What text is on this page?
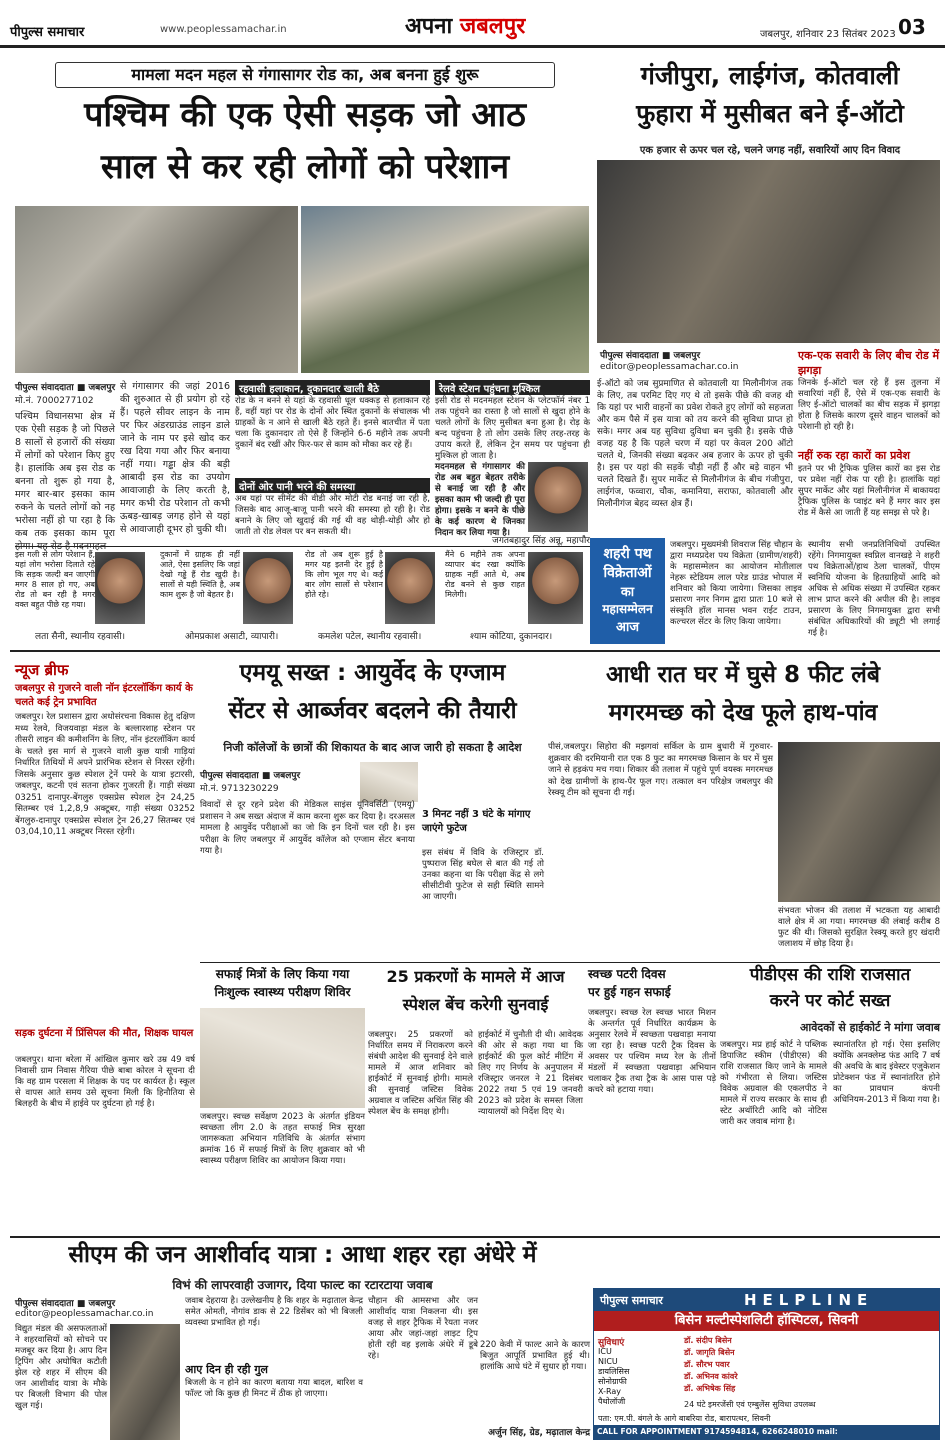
पीपुल्स समाचार	www.peoplessamachar.in	अपना जबलपुर	जबलपुर, शनिवार 23 सितंबर 2023 03
मामला मदन महल से गंगासागर रोड का, अब बनना हुई शुरू
पश्चिम की एक ऐसी सड़क जो आठ
साल से कर रही लोगों को परेशान
पीपुल्स संवाददाता ■ जबलपुर
मो.नं. 7000277102
पश्चिम विधानसभा क्षेत्र में एक ऐसी सड़क है जो पिछले 8 सालों से हजारों की संख्या में लोगों को परेशान किए हुए है। हालांकि अब इस रोड क बनना तो शुरू हो गया है, मगर बार-बार इसका काम रुकने के चलते लोगों को नह भरोसा नहीं हो पा रहा है कि कब तक इसका काम पूरा
से गंगासागर की जहां 2016 की शुरुआत से ही प्रयोग हो रहे हैं। पहले सीवर लाइन के नाम पर फिर अंडरग्राउंड लाइन डाले जाने के नाम पर इसे खोद कर रख दिया गया और फिर बनाया नहीं गया। गड्ढा क्षेत्र की बड़ी आबादी इस रोड का उपयोग आवाजाही के लिए करती है, मगर कभी रोड परेशान तो कभी ऊबड़-खाबड़ जगह होने से यहां से आवाजाही दूभर हो चुकी थी।
रहवासी हलाकान, दुकानदार खाली बैठे
रोड के न बनने से यहां के रहवासी धूल धक्कड़ से हलाकान रहे हैं, वहीं यहां पर रोड के दोनों ओर स्थित दुकानों के संचालक भी ग्राहकों के न आने से खाली बैठे रहते हैं। इनसे बातचीत में पता चला कि दुकानदार तो ऐसे हैं जिन्होंने 6-6 महीने तक अपनी दुकानें बंद रखीं और फिर-फर से काम को मौका कर रहे हैं।
दोनों ओर पानी भरने की समस्या
अब यहां पर सीमेंट की वीडी और मोटी रोड बनाई जा रही है, जिसके बाद आजू-बाजू पानी भरने की समस्या हो रही है। रोड बनाने के लिए जो खुदाई की गई थी वह थोड़ी-थोड़ी और हो जाती तो रोड लेवल पर बन सकती थी।
रेलवे स्टेशन पहुंचना मुश्किल
इसी रोड से मदनमहल स्टेशन के प्लेटफॉर्म नंबर 1 तक पहुंचने का रास्ता है जो सालों से खुदा होने के चलते लोगों के लिए मुसीबत बना हुआ है। रोड़ के बन्द पहुंचना है तो लोग उसके लिए तरह-तरह के उपाय करते हैं, लेकिन ट्रेन समय पर पहुंचना ही मुश्किल हो जाता है।
मदनमहल से गंगासागर की रोड अब बहुत बेहतर तरीके से बनाई जा रही है और इसका काम भी जल्दी ही पूरा होगा। इसके न बनने के पीछे के कई कारण थे जिनका निदान कर लिया गया है।
जगतबहादुर सिंह अन्नू, महापौर
इस गली से लोग परेशान हैं, यहां लोग भरोसा दिलाते रहे कि सड़क जल्दी बन जाएगी मगर 8 साल हो गए, अब रोड तो बन रही है मगर वक्त बहुत पीछे रह गया।
लता सैनी, स्थानीय रहवासी।
दुकानों में ग्राहक ही नहीं आते, ऐसा इसलिए कि जहां देखो गड्ढे हैं रोड खुदी है। सालों से यही स्थिति है, अब काम शुरू है जो बेहतर है।
ओमप्रकाश असाटी, व्यापारी।
रोड तो अब शुरू हुई है मगर यह इतनी देर हुई है कि लोग भूल गए थे। कई बार लोग सालों से परेशान होते रहे।
कमलेश पटेल, स्थानीय रहवासी।
मैंने 6 महीने तक अपना व्यापार बंद रखा क्योंकि ग्राहक नहीं आते थे, अब रोड बनने से कुछ राहत मिलेगी।
श्याम कोटिया, दुकानदार।
गंजीपुरा, लाईगंज, कोतवाली
फुहारा में मुसीबत बने ई-ऑटो
एक हजार से ऊपर चल रहे, चलने जगह नहीं, सवारियों आए दिन विवाद
पीपुल्स संवाददाता ■ जबलपुर
editor@peoplessamachar.co.in
ई-ऑटो को जब सुप्रमाणित से कोतवाली या मिलौनीगंज तक के लिए, तब परमिट दिए गए थे तो इसके पीछे की वजह थी कि यहां पर भारी वाहनों का प्रवेश रोकते हुए लोगों को सहजता और कम पैसे में इस यात्रा को तय करने की सुविधा प्राप्त हो सके। मगर अब यह सुविधा दुविधा बन चुकी है। इसके पीछे वजह यह है कि पहले चरण में यहां पर केवल 200 ऑटो चलते थे, जिनकी संख्या बढ़कर अब हजार के ऊपर हो चुकी है। इस पर यहां की सड़कें चौड़ी नहीं हैं और बड़े वाहन भी चलते दिखते हैं। सुपर मार्केट से मिलौनीगंज के बीच गंजीपुरा, लाईगंज, फव्वारा, चौक, कमानिया, सराफा, कोतवाली और मिलौनीगंज बेहद व्यस्त क्षेत्र हैं।
एक-एक सवारी के लिए बीच रोड में झगड़ा
जिनके ई-ऑटो चल रहे हैं इस तुलना में सवारियां नहीं हैं, ऐसे में एक-एक सवारी के लिए ई-ऑटो चालकों का बीच सड़क में झगड़ा होता है जिसके कारण दूसरे वाहन चालकों को परेशानी हो रही है।
नहीं रुक रहा कारों का प्रवेश
इतने पर भी ट्रैफिक पुलिस कारों का इस रोड पर प्रवेश नहीं रोक पा रही है। हालांकि यहां सुपर मार्केट और यहां मिलौनीगंज में बाकायदा ट्रैफिक पुलिस के प्वाइंट बने हैं मगर कार इस रोड में कैसे आ जाती हैं यह समझ से परे है।
शहरी पथ
विक्रेताओं
का
महासम्मेलन
आज
जबलपुर। मुख्यमंत्री शिवराज सिंह चौहान के द्वारा मध्यप्रदेश पथ विक्रेता (ग्रामीण/शहरी) के महासम्मेलन का आयोजन मोतीलाल नेहरू स्टेडियम लाल परेड ग्राउंड भोपाल में शनिवार को किया जायेगा। जिसका लाइव प्रसारण नगर निगम द्वारा प्रातः 10 बजे से संस्कृति हॉल मानस भवन राईट टाउन, कल्चरल सेंटर के लिए किया जायेगा।
स्थानीय सभी जनप्रतिनिधियों उपस्थित रहेंगे। निगमायुक्त स्वप्निल वानखड़े ने शहरी पथ विक्रेताओं/हाथ ठेला चालकों, पीएम स्वनिधि योजना के हितग्राहियों आदि को अधिक से अधिक संख्या में उपस्थित रहकर लाभ प्राप्त करने की अपील की है। लाइव प्रसारण के लिए निगमायुक्त द्वारा सभी संबंधित अधिकारियों की ड्यूटी भी लगाई गई है।
न्यूज ब्रीफ
जबलपुर से गुजरने वाली नॉन इंटरलॉकिंग कार्य के चलते कई ट्रेन प्रभावित
जबलपुर। रेल प्रशासन द्वारा अधोसंरचना विकास हेतु दक्षिण मध्य रेलवे, विजयवाड़ा मंडल के बल्लारशाह स्टेशन पर तीसरी लाइन की कमीशनिंग के लिए, नॉन इंटरलॉकिंग कार्य के चलते इस मार्ग से गुजरने वाली कुछ यात्री गाड़ियां निर्धारित तिथियों में अपने प्रारंभिक स्टेशन से निरस्त रहेंगी। जिसके अनुसार कुछ स्पेशल ट्रेनें पमरे के यात्रा इटारसी, जबलपुर, कटनी एवं सतना होकर गुजरती हैं। गाड़ी संख्या 03251 दानापुर-बेंगलुरु एक्सप्रेस स्पेशल ट्रेन 24,25 सितम्बर एवं 1,2,8,9 अक्टूबर, गाड़ी संख्या 03252 बेंगलुरु-दानापुर एक्सप्रेस स्पेशल ट्रेन 26,27 सितम्बर एवं 03,04,10,11 अक्टूबर निरस्त रहेगी।
सड़क दुर्घटना में प्रिंसिपल की मौत, शिक्षक घायल
जबलपुर। थाना बरेला में आंखिल कुमार खरे उम्र 49 वर्ष निवासी ग्राम निवास गैरिया पीछे बाबा कोरल ने सूचना दी कि वह ग्राम परसला में शिक्षक के पद पर कार्यरत है। स्कूल से वापस आते समय उसे सूचना मिली कि हिनौतिया से बिलहरी के बीच में हाईवे पर दुर्घटना हो गई है।
एमयू सख्त : आयुर्वेद के एग्जाम
सेंटर से आर्ब्जवर बदलने की तैयारी
निजी कॉलेजों के छात्रों की शिकायत के बाद आज जारी हो सकता है आदेश
पीपुल्स संवाददाता ■ जबलपुर
मो.नं. 9713230229
विवादों से दूर रहने प्रदेश की मेडिकल साइंस यूनिवर्सिटी (एमयू) प्रशासन ने अब सख्त अंदाज में काम करना शुरू कर दिया है। दरअसल मामला है आयुर्वेद परीक्षाओं का जो कि इन दिनों चल रही है। इस परीक्षा के लिए जबलपुर में आयुर्वेद कॉलेज को एग्जाम सेंटर बनाया गया है।
3 मिनट नहीं 3 घंटे के मांगाए जाएंगे फुटेज
इस संबंध में विवि के रजिस्ट्रार डॉ. पुष्पराज सिंह बघेल से बात की गई तो उनका कहना था कि परीक्षा केंद्र से लगे सीसीटीवी फुटेज से सही स्थिति सामने आ जाएगी।
आधी रात घर में घुसे 8 फीट लंबे
मगरमच्छ को देख फूले हाथ-पांव
पीसं,जबलपुर। सिहोरा की मझगवां सर्किल के ग्राम बुधारी में गुरुवार-शुक्रवार की दरमियानी रात एक 8 फुट का मगरमच्छ किसान के घर में घुस जाने से हड़कंप मच गया। शिकार की तलाश में पहुंचे पूर्ण वयस्क मगरमच्छ को देख ग्रामीणों के हाथ-पैर फूल गए। तत्काल वन परिक्षेत्र जबलपुर की रेस्क्यू टीम को सूचना दी गई।
संभवतः भोजन की तलाश में भटकता यह आबादी वाले क्षेत्र में आ गया। मगरमच्छ की लंबाई करीब 8 फुट की थी। जिसको सुरक्षित रेस्क्यू करते हुए खंदारी जलाशय में छोड़ दिया है।
सफाई मित्रों के लिए किया गया
निःशुल्क स्वास्थ्य परीक्षण शिविर
जबलपुर। स्वच्छ सर्वेक्षण 2023 के अंतर्गत इंडियन स्वच्छता लीग 2.0 के तहत सफाई मित्र सुरक्षा जागरूकता अभियान गतिविधि के अंतर्गत संभाग क्रमांक 16 में सफाई मित्रों के लिए शुक्रवार को भी स्वास्थ्य परीक्षण शिविर का आयोजन किया गया।
25 प्रकरणों के मामले में आज
स्पेशल बेंच करेगी सुनवाई
जबलपुर। 25 प्रकरणों को निर्धारित समय में निराकरण करने संबंधी आदेश की सुनवाई देने वाले मामले में आज शनिवार को हाईकोर्ट में सुनवाई होगी। मामले की सुनवाई जस्टिस विवेक अग्रवाल व जस्टिस अचिंत सिंह की स्पेशल बेंच के समक्ष होगी।
हाईकोर्ट में चुनौती दी थी। आवेदक की ओर से कहा गया था कि हाईकोर्ट की फुल कोर्ट मीटिंग में लिए गए निर्णय के अनुपालन में रजिस्ट्रार जनरल ने 21 दिसंबर 2022 तथा 5 एवं 19 जनवरी 2023 को प्रदेश के समस्त जिला न्यायालयों को निर्देश दिए थे।
स्वच्छ पटरी दिवस
पर हुई गहन सफाई
जबलपुर। स्वच्छ रेल स्वच्छ भारत मिशन के अन्तर्गत पूर्व निर्धारित कार्यक्रम के अनुसार रेलवे में स्वच्छता पखवाड़ा मनाया जा रहा है। स्वच्छ पटरी ट्रैक दिवस के अवसर पर पश्चिम मध्य रेल के तीनों मंडलों में स्वच्छता पखवाड़ा अभियान चलाकर ट्रैक तथा ट्रैक के आस पास पड़े कचरे को हटाया गया।
पीडीएस की राशि राजसात
करने पर कोर्ट सख्त
आवेदकों से हाईकोर्ट ने मांगा जवाब
जबलपुर। मप्र हाई कोर्ट ने पब्लिक डिपाजिट स्कीम (पीडीएस) की राशि राजसात किए जाने के मामले को गंभीरता से लिया। जस्टिस विवेक अग्रवाल की एकलपीठ ने मामले में राज्य सरकार के साथ ही स्टेट अथॉरिटी आदि को नोटिस जारी कर जवाब मांगा है।
स्थानांतरित हो गई। ऐसा इसलिए क्योंकि अनक्लेम्ड फंड आदि 7 वर्ष की अवधि के बाद इंवेस्टर एजुकेशन प्रोटेक्शन फंड में स्थानांतरित होने का प्रावधान कंपनी अधिनियम-2013 में किया गया है।
सीएम की जन आशीर्वाद यात्रा : आधा शहर रहा अंधेरे में
विभं की लापरवाही उजागर, दिया फाल्ट का रटारटाया जवाब
पीपुल्स संवाददाता ■ जबलपुर
editor@peoplessamachar.co.in
विद्युत मंडल की असफलताओं ने शहरवासियों को सोचने पर मजबूर कर दिया है। आप दिन ट्रिपिंग और अघोषित कटौती झेल रहे शहर में सीएम की जन आशीर्वाद यात्रा के मौके पर बिजली विभाग की पोल खुल गई।
जवाब देहराया है। उल्लेखनीय है कि शहर के मढ़ाताल केन्द्र समेत ओमती, नौगांव डाक से 22 डिसेंबर को भी बिजली व्यवस्था प्रभावित हो गई।
आए दिन ही रही गुल
बिजली के न होने का कारण बताया गया बादल, बारिश व फॉल्ट जो कि कुछ ही मिनट में ठीक हो जाएगा।
चौहान की आमसभा और जन आशीर्वाद यात्रा निकलना थी। इस वजह से शहर ट्रैफिक में रैयता नजर आया और जहां-जहां लाइट ट्रिप होती रही वह इलाके अंधेरे में डूबे रहे।
220 केवी में फाल्ट आने के कारण बिजुत आपूर्ति प्रभावित हुई थी। हालांकि आधे घंटे में सुधार हो गया।
अर्जुन सिंह, ग्रेड, मढ़ाताल केन्द्र
पीपुल्स समाचार	HELPLINE
बिसेन मल्टीस्पेशलिटी हॉस्पिटल, सिवनी
सुविधाएं
ICU
NICU
डायलिसिस
सोनोग्राफी
X-Ray
पैथोलॉजी
डॉ. संदीप बिसेन
डॉ. जागृति बिसेन
डॉ. सौरभ पवार
डॉ. अभिनव कांवरे
डॉ. अभिषेक सिंह
24 घंटे इमरजेंसी एवं एम्बुलेंस सुविधा उपलब्ध
पता: एम.पी. बंगले के आगे बाबरिया रोड, बारापत्थर, सिवनी
CALL FOR APPOINTMENT 9174594814, 6266248010 mail: lokeshbisen86@gmail.com
